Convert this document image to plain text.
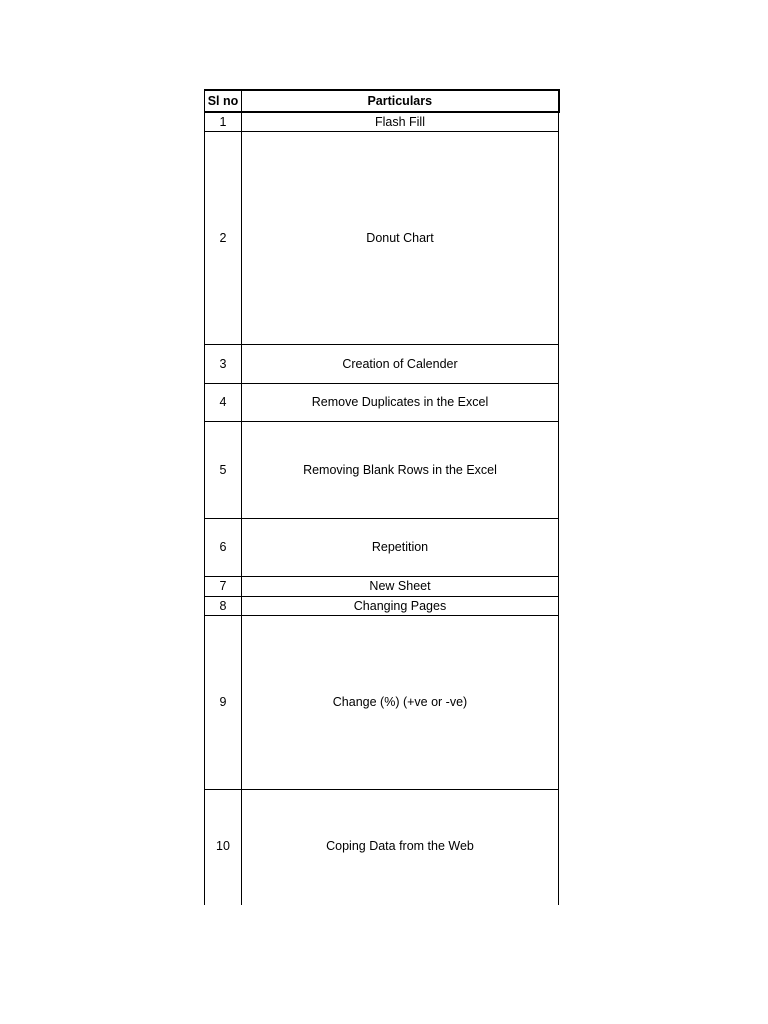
Sl no	Particulars
1	Flash Fill
2	Donut Chart
3	Creation of Calender
4	Remove Duplicates in the Excel
5	Removing Blank Rows in the Excel
6	Repetition
7	New Sheet
8	Changing Pages
9	Change (%) (+ve or -ve)

10	Coping Data from the Web
